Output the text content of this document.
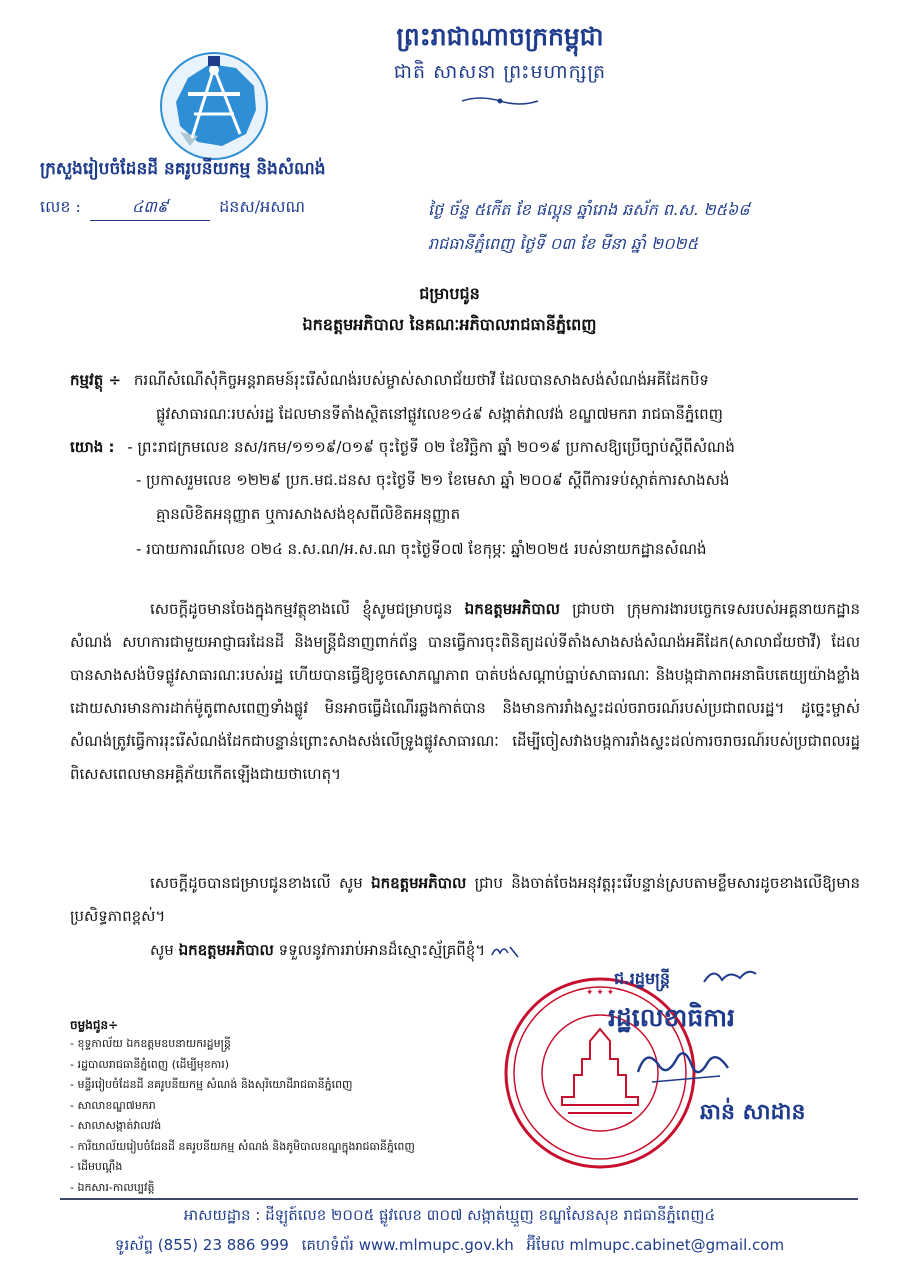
ព្រះរាជាណាចក្រកម្ពុជា
ជាតិ សាសនា ព្រះមហាក្សត្រ
ក្រសួងរៀបចំដែនដី នគរូបនីយកម្ម និងសំណង់
លេខ :	៤៣៩	ដនស/អសណ	ថ្ងៃ ច័ន្ទ ៥កើត ខែ ផល្គុន ឆ្នាំរោង ឆស័ក ព.ស. ២៥៦៨
រាជធានីភ្នំពេញ ថ្ងៃទី ០៣ ខែ មីនា ឆ្នាំ ២០២៥
ជម្រាបជូន
ឯកឧត្តមអភិបាល នៃគណៈអភិបាលរាជធានីភ្នំពេញ
កម្មវត្ថុ ÷ ករណីសំណើសុំកិច្ចអន្តរាគមន៍រុះរើសំណង់របស់ម្ចាស់សាលាជ័យថាវី ដែលបានសាងសង់សំណង់អគីដែកបិទ
ផ្លូវសាធារណៈរបស់រដ្ឋ ដែលមានទីតាំងស្ថិតនៅផ្លូវលេខ១៤៩ សង្កាត់វាលវង់ ខណ្ឌ៧មករា រាជធានីភ្នំពេញ
យោង : - ព្រះរាជក្រមលេខ នស/រកម/១១១៩/០១៩ ចុះថ្ងៃទី ០២ ខែវិច្ឆិកា ឆ្នាំ ២០១៩ ប្រកាសឱ្យប្រើច្បាប់ស្តីពីសំណង់
- ប្រកាសរួមលេខ ១២២៩ ប្រក.មជ.ដនស ចុះថ្ងៃទី ២១ ខែមេសា ឆ្នាំ ២០០៩ ស្តីពីការទប់ស្កាត់ការសាងសង់
គ្មានលិខិតអនុញ្ញាត ឬការសាងសង់ខុសពីលិខិតអនុញ្ញាត
- របាយការណ៍លេខ ០២៤ ន.ស.ណ/អ.ស.ណ ចុះថ្ងៃទី០៧ ខែកុម្ភៈ ឆ្នាំ២០២៥ របស់នាយកដ្ឋានសំណង់
សេចក្តីដូចមានចែងក្នុងកម្មវត្ថុខាងលើ ខ្ញុំសូមជម្រាបជូន ឯកឧត្តមអភិបាល ជ្រាបថា ក្រុមការងារបច្ចេកទេសរបស់អគ្គនាយកដ្ឋានសំណង់ សហការជាមួយអាជ្ញាធរដែនដី និងមន្ត្រីជំនាញពាក់ព័ន្ធ បានធ្វើការចុះពិនិត្យដល់ទីតាំងសាងសង់សំណង់អគីដែក(សាលាជ័យថាវី) ដែលបានសាងសង់បិទផ្លូវសាធារណៈរបស់រដ្ឋ ហើយបានធ្វើឱ្យខូចសោភណ្ឌភាព បាត់បង់សណ្តាប់ធ្នាប់សាធារណៈ និងបង្កជាភាពអនាធិបតេយ្យយ៉ាងខ្លាំង ដោយសារមានការដាក់ម៉ូតូពាសពេញទាំងផ្លូវ មិនអាចធ្វើដំណើរឆ្លងកាត់បាន និងមានការរាំងស្ទះដល់ចរាចរណ៍របស់ប្រជាពលរដ្ឋ។ ដូច្នេះម្ចាស់សំណង់ត្រូវធ្វើការរុះរើសំណង់ដែកជាបន្ទាន់ព្រោះសាងសង់លើទ្រូងផ្លូវសាធារណៈ ដើម្បីចៀសវាងបង្កការរាំងស្ទះដល់ការចរាចរណ៍របស់ប្រជាពលរដ្ឋពិសេសពេលមានអគ្គិភ័យកើតឡើងជាយថាហេតុ។
សេចក្តីដូចបានជម្រាបជូនខាងលើ សូម ឯកឧត្តមអភិបាល ជ្រាប និងចាត់ចែងអនុវត្តរុះរើបន្ទាន់ស្របតាមខ្លឹមសារដូចខាងលើឱ្យមានប្រសិទ្ធភាពខ្ពស់។
សូម ឯកឧត្តមអភិបាល ទទួលនូវការរាប់អានដ៏ស្មោះស្ម័គ្រពីខ្ញុំ។
ចម្លងជូន÷
- ខុទ្ទកាល័យ ឯកឧត្តមឧបនាយករដ្ឋមន្ត្រី
- រដ្ឋបាលរាជធានីភ្នំពេញ (ដើម្បីមុខការ)
- មន្ទីររៀបចំដែនដី នគរូបនីយកម្ម សំណង់ និងសុរិយោដីរាជធានីភ្នំពេញ
- សាលាខណ្ឌ៧មករា
- សាលាសង្កាត់វាលវង់
- ការិយាល័យរៀបចំដែនដី នគរូបនីយកម្ម សំណង់ និងភូមិបាលខណ្ឌក្នុងរាជធានីភ្នំពេញ
- ដើមបណ្ដឹង
- ឯកសារ-កាលប្បវត្តិ
✦ ✦ ✦
ជ.រដ្ឋមន្ត្រី
រដ្ឋលេខាធិការ
ឆាន់ សាដាន
អាសយដ្ឋាន : ដីឡូត៍លេខ ២០០៥ ផ្លូវលេខ ៣០៧ សង្កាត់ឃ្មួញ ខណ្ឌសែនសុខ រាជធានីភ្នំពេញ៤
ទូរស័ព្ទ (855) 23 886 999 គេហទំព័រ www.mlmupc.gov.kh អ៊ីមែល mlmupc.cabinet@gmail.com
